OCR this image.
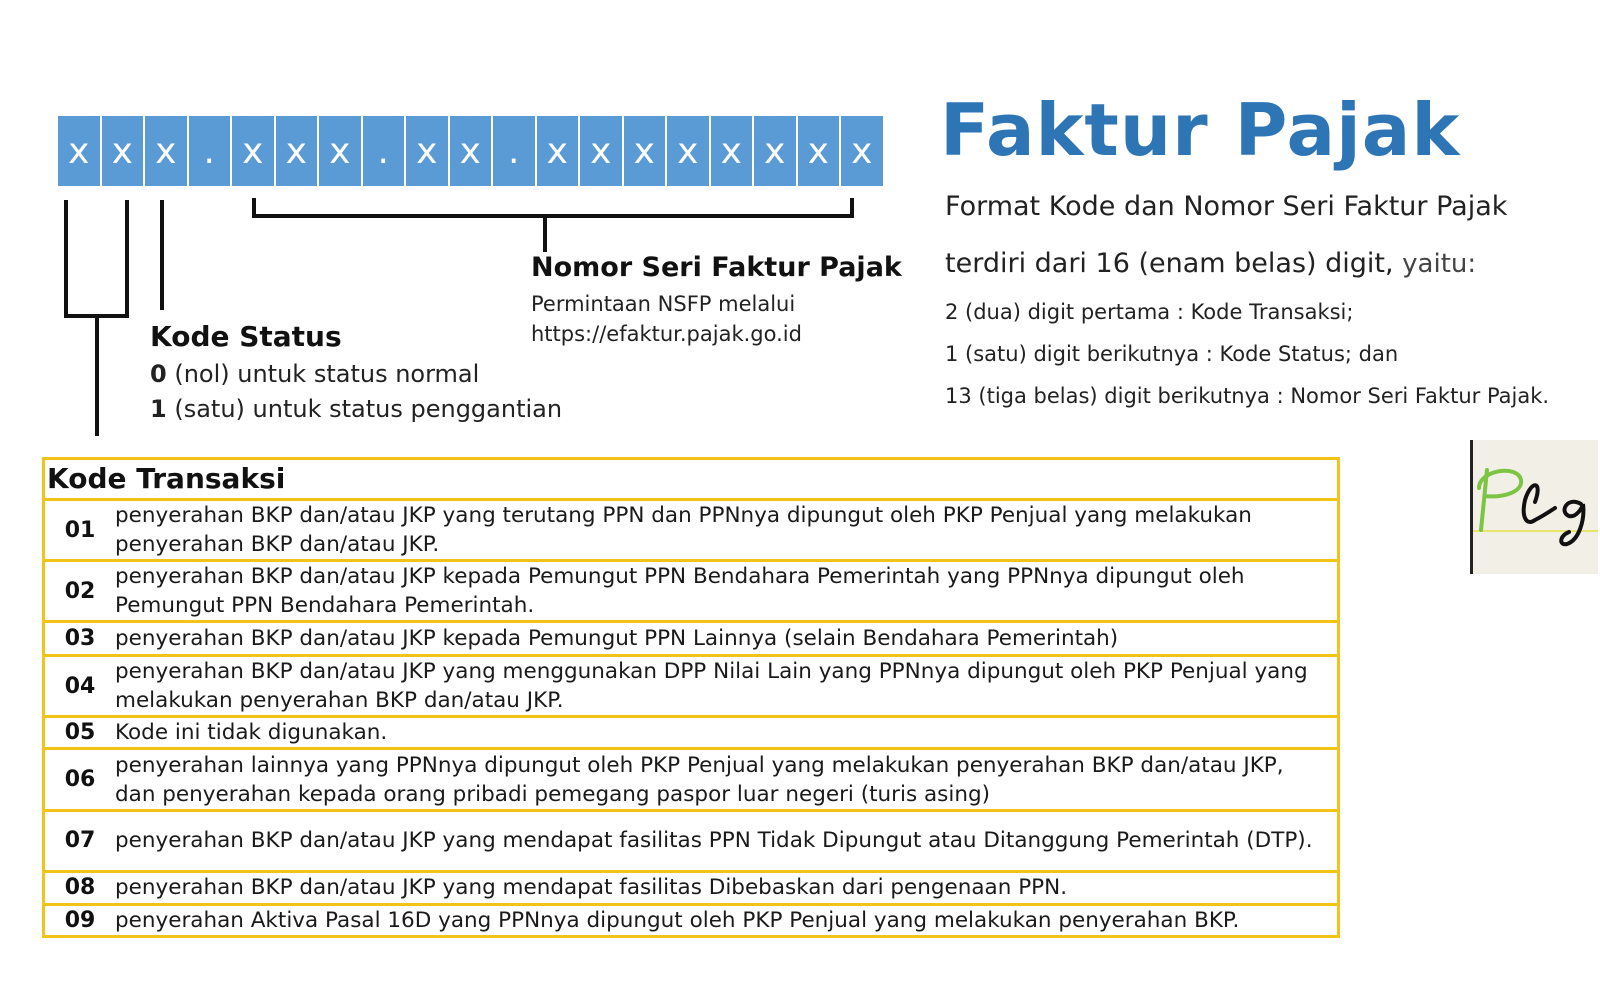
x x x . x x x . x x . x x x x x x x x Faktur Pajak
Format Kode dan Nomor Seri Faktur Pajak
terdiri dari 16 (enam belas) digit, yaitu:
2 (dua) digit pertama : Kode Transaksi;
1 (satu) digit berikutnya : Kode Status; dan
13 (tiga belas) digit berikutnya : Nomor Seri Faktur Pajak.
Nomor Seri Faktur Pajak
Permintaan NSFP melalui
https://efaktur.pajak.go.id
Kode Status
0 (nol) untuk status normal
1 (satu) untuk status penggantian
Kode Transaksi
01
penyerahan BKP dan/atau JKP yang terutang PPN dan PPNnya dipungut oleh PKP Penjual yang melakukan penyerahan BKP dan/atau JKP.
02
penyerahan BKP dan/atau JKP kepada Pemungut PPN Bendahara Pemerintah yang PPNnya dipungut oleh Pemungut PPN Bendahara Pemerintah.
03 penyerahan BKP dan/atau JKP kepada Pemungut PPN Lainnya (selain Bendahara Pemerintah)
04
penyerahan BKP dan/atau JKP yang menggunakan DPP Nilai Lain yang PPNnya dipungut oleh PKP Penjual yang melakukan penyerahan BKP dan/atau JKP.
05 Kode ini tidak digunakan.
06
penyerahan lainnya yang PPNnya dipungut oleh PKP Penjual yang melakukan penyerahan BKP dan/atau JKP, dan penyerahan kepada orang pribadi pemegang paspor luar negeri (turis asing)
07 penyerahan BKP dan/atau JKP yang mendapat fasilitas PPN Tidak Dipungut atau Ditanggung Pemerintah (DTP).
08 penyerahan BKP dan/atau JKP yang mendapat fasilitas Dibebaskan dari pengenaan PPN.
09 penyerahan Aktiva Pasal 16D yang PPNnya dipungut oleh PKP Penjual yang melakukan penyerahan BKP.
